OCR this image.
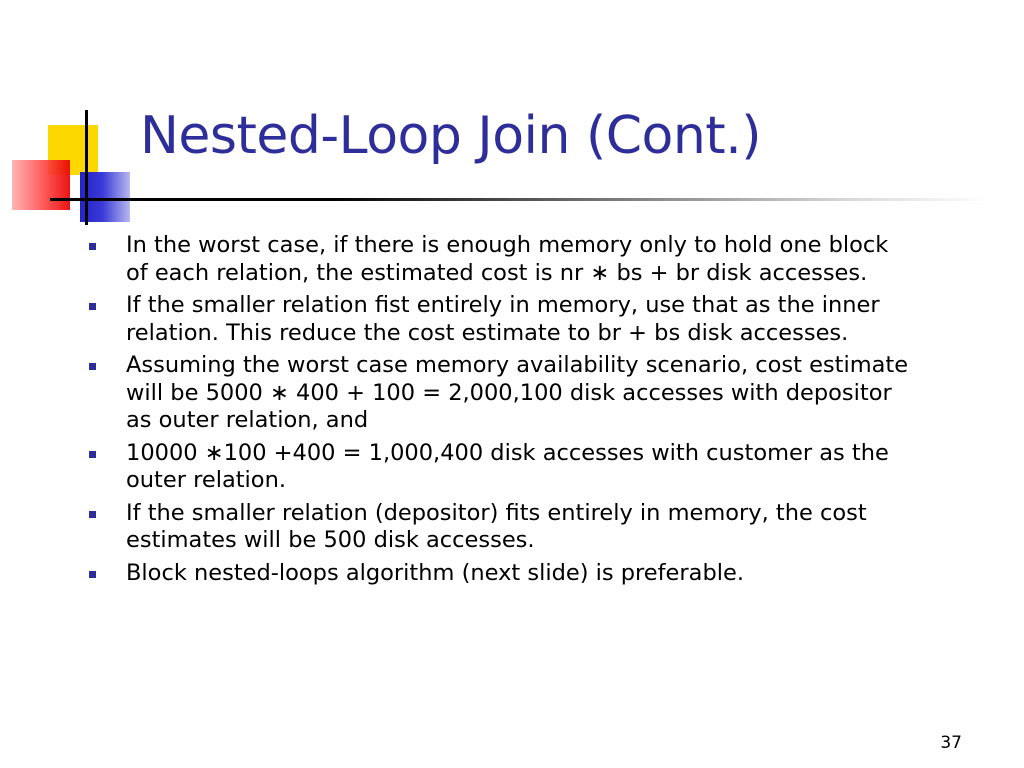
Nested-Loop Join (Cont.)
In the worst case, if there is enough memory only to hold one block of each relation, the estimated cost is nr ∗ bs + br disk accesses.
If the smaller relation fist entirely in memory, use that as the inner relation. This reduce the cost estimate to br + bs disk accesses.
Assuming the worst case memory availability scenario, cost estimate will be 5000 ∗ 400 + 100 = 2,000,100 disk accesses with depositor as outer relation, and
10000 ∗100 +400 = 1,000,400 disk accesses with customer as the outer relation.
If the smaller relation (depositor) fits entirely in memory, the cost estimates will be 500 disk accesses.
Block nested-loops algorithm (next slide) is preferable.
37
